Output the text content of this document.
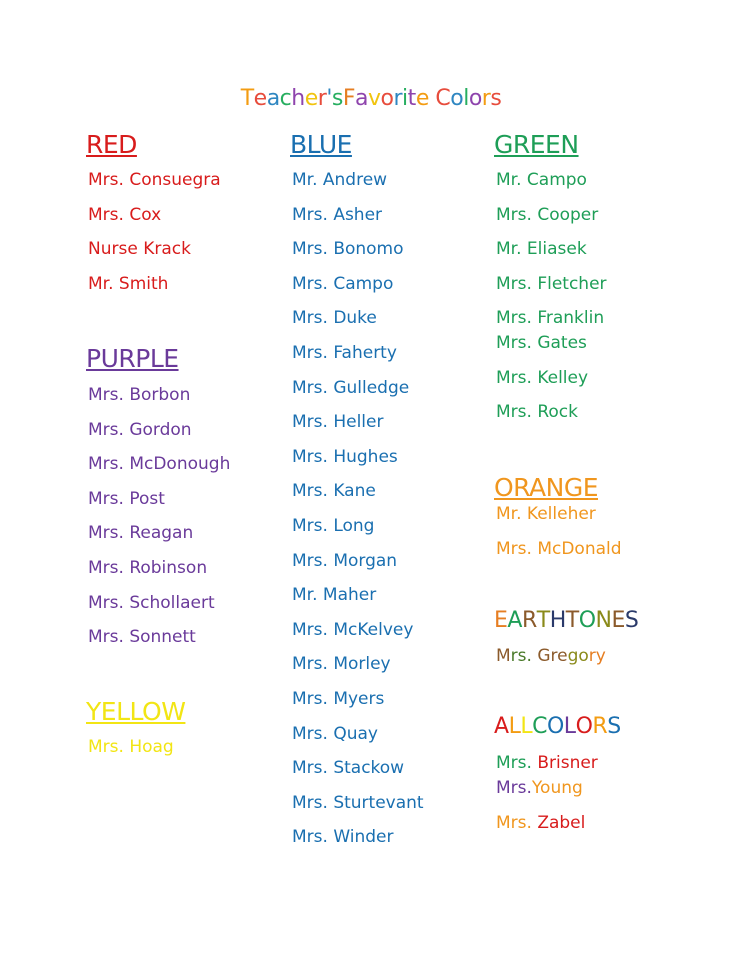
Teacher'sFavorite Colors
RED
PURPLE
YELLOW
BLUE	GREEN
ORANGE
EARTHTONES
ALLCOLORS
Mrs. Consuegra
Mrs. Cox
Nurse Krack
Mr. Smith
Mrs. Borbon
Mrs. Gordon
Mrs. McDonough
Mrs. Post
Mrs. Reagan
Mrs. Robinson
Mrs. Schollaert
Mrs. Sonnett
Mrs. Hoag
Mr. Andrew
Mrs. Asher
Mrs. Bonomo
Mrs. Campo
Mrs. Duke
Mrs. Faherty
Mrs. Gulledge
Mrs. Heller
Mrs. Hughes
Mrs. Kane
Mrs. Long
Mrs. Morgan
Mr. Maher
Mrs. McKelvey
Mrs. Morley
Mrs. Myers
Mrs. Quay
Mrs. Stackow
Mrs. Sturtevant
Mrs. Winder
Mr. Campo
Mrs. Cooper
Mr. Eliasek
Mrs. Fletcher
Mrs. Franklin
Mrs. Gates
Mrs. Kelley
Mrs. Rock
Mr. Kelleher
Mrs. McDonald
Mrs. Gregory
Mrs. Brisner
Mrs.Young
Mrs. Zabel
